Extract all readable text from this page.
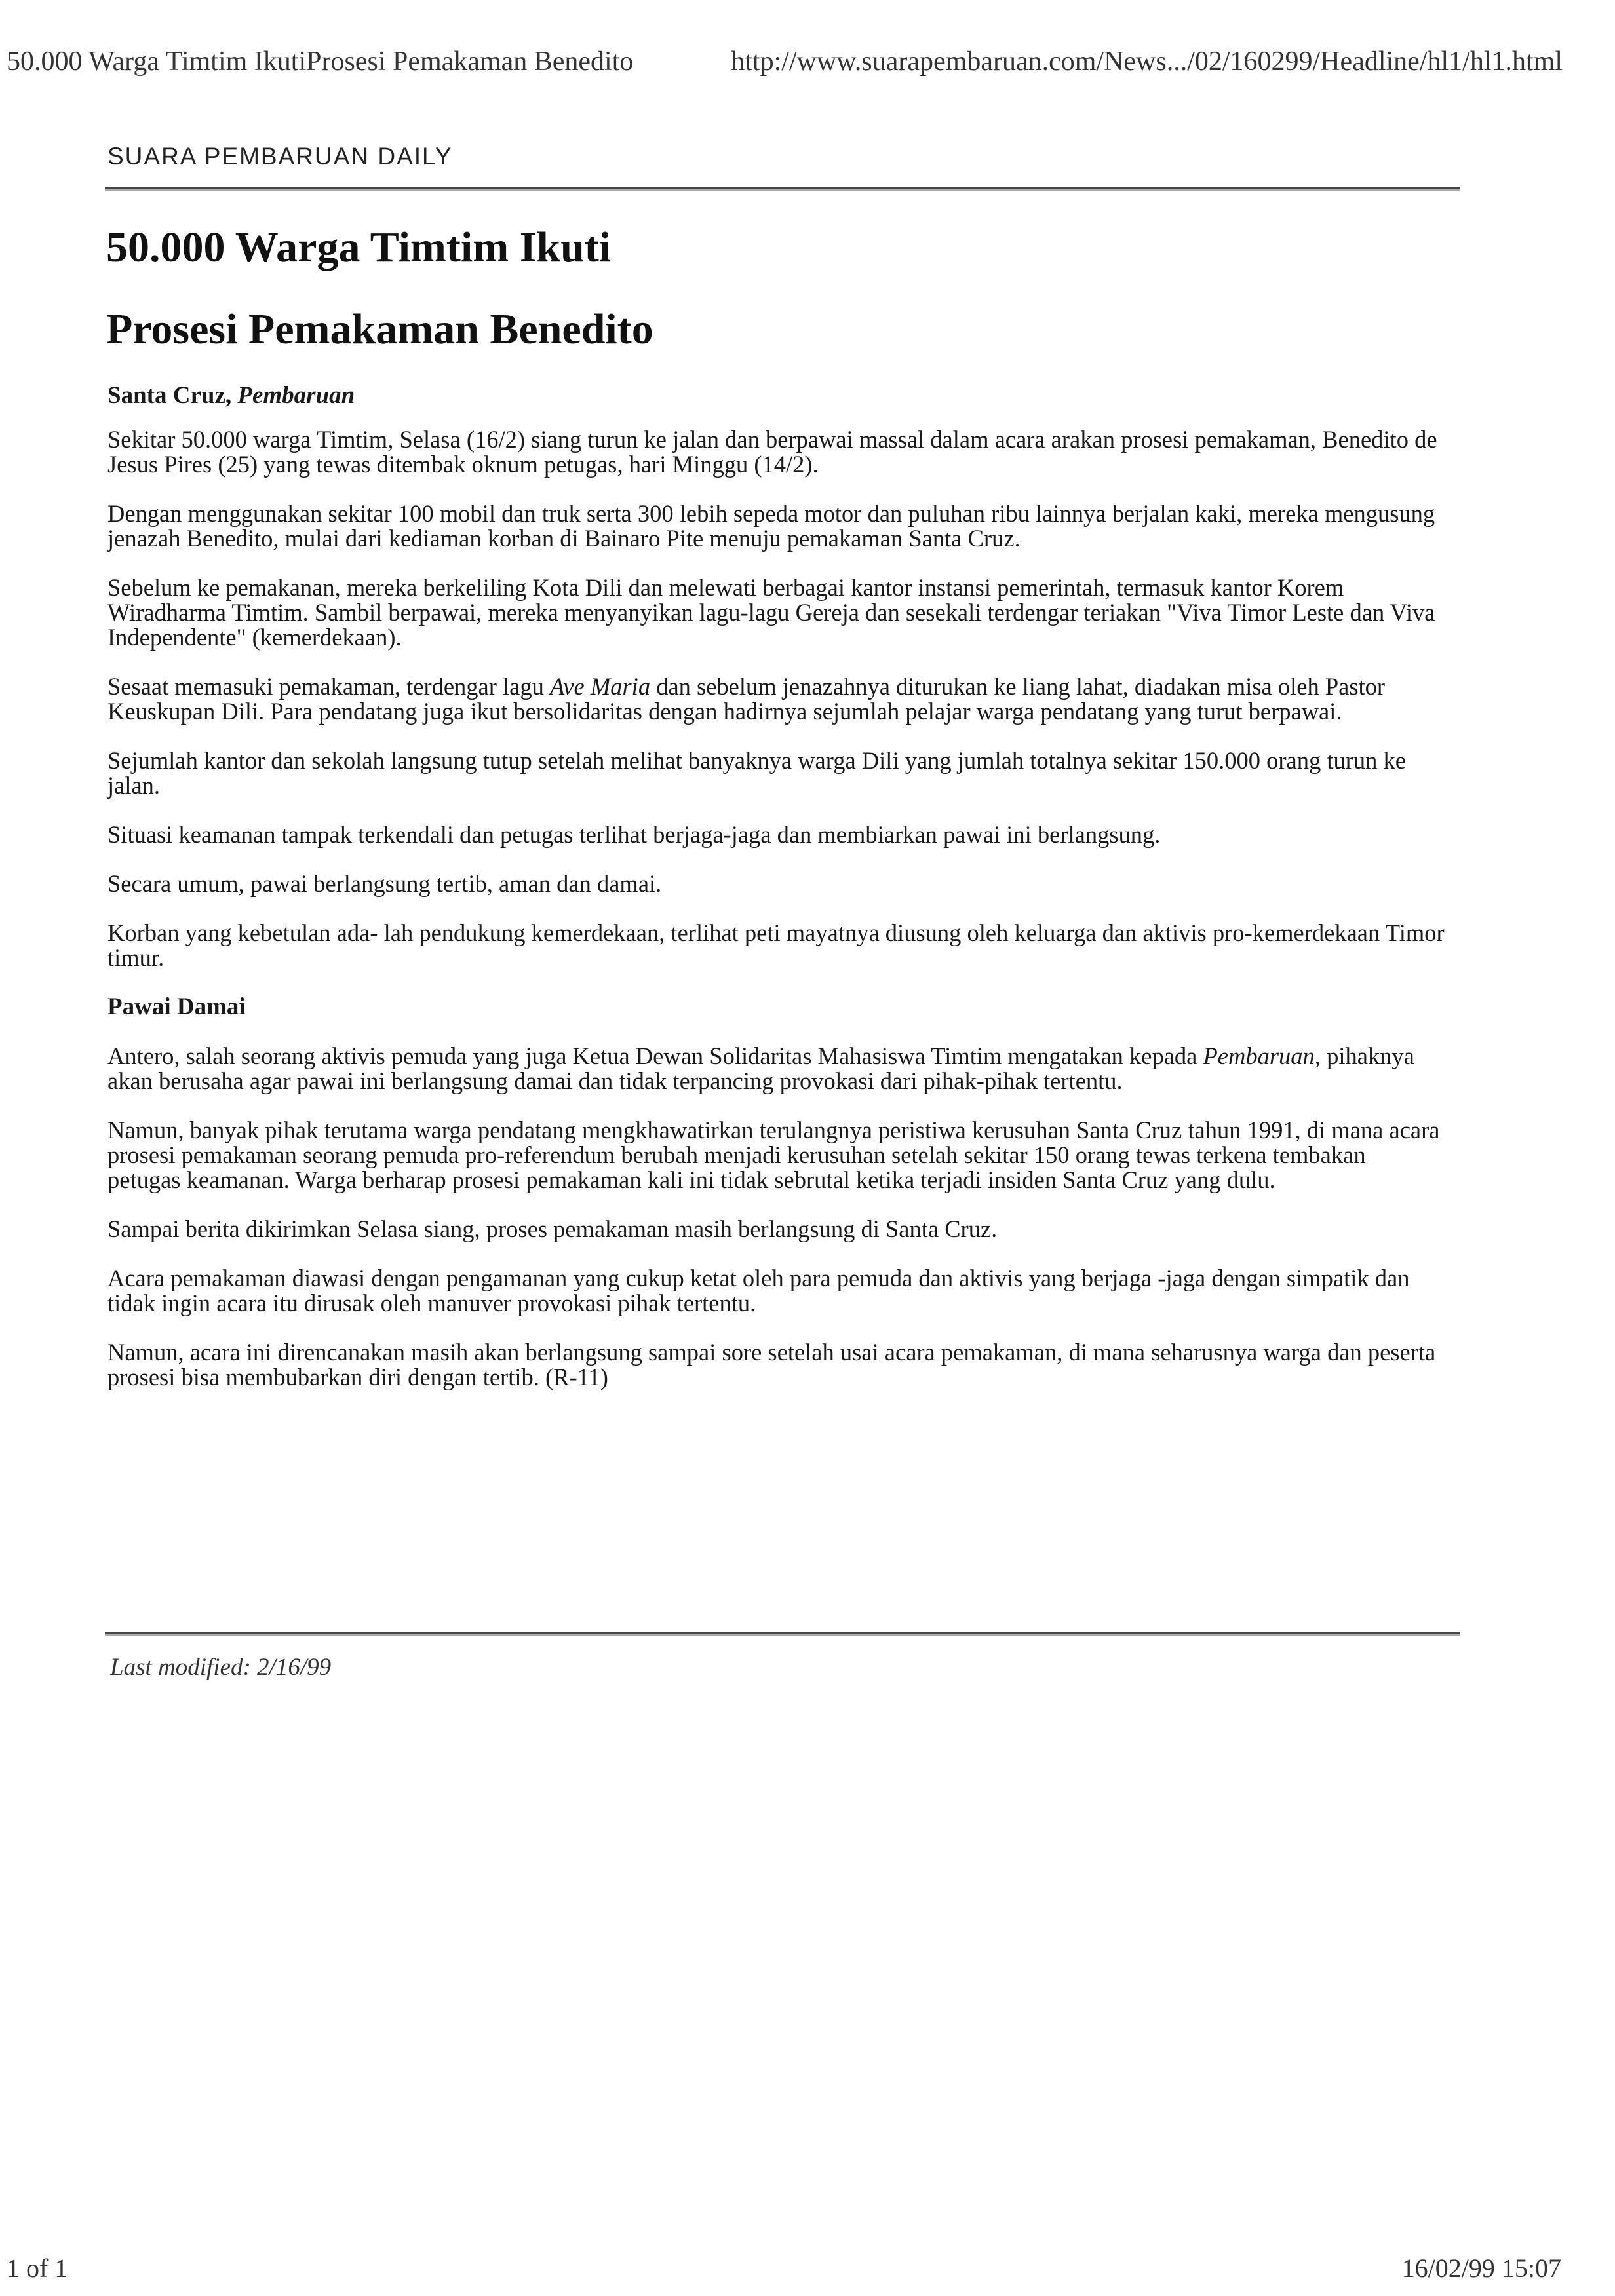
50.000 Warga Timtim IkutiProsesi Pemakaman Benedito	http://www.suarapembaruan.com/News.../02/160299/Headline/hl1/hl1.html
SUARA PEMBARUAN DAILY
50.000 Warga Timtim Ikuti
Prosesi Pemakaman Benedito
Santa Cruz, Pembaruan

Sekitar 50.000 warga Timtim, Selasa (16/2) siang turun ke jalan dan berpawai massal dalam acara arakan prosesi pemakaman, Benedito de Jesus Pires (25) yang tewas ditembak oknum petugas, hari Minggu (14/2).

Dengan menggunakan sekitar 100 mobil dan truk serta 300 lebih sepeda motor dan puluhan ribu lainnya berjalan kaki, mereka mengusung jenazah Benedito, mulai dari kediaman korban di Bainaro Pite menuju pemakaman Santa Cruz.

Sebelum ke pemakanan, mereka berkeliling Kota Dili dan melewati berbagai kantor instansi pemerintah, termasuk kantor Korem Wiradharma Timtim. Sambil berpawai, mereka menyanyikan lagu-lagu Gereja dan sesekali terdengar teriakan "Viva Timor Leste dan Viva Independente" (kemerdekaan).

Sesaat memasuki pemakaman, terdengar lagu Ave Maria dan sebelum jenazahnya diturukan ke liang lahat, diadakan misa oleh Pastor Keuskupan Dili. Para pendatang juga ikut bersolidaritas dengan hadirnya sejumlah pelajar warga pendatang yang turut berpawai.

Sejumlah kantor dan sekolah langsung tutup setelah melihat banyaknya warga Dili yang jumlah totalnya sekitar 150.000 orang turun ke jalan.

Situasi keamanan tampak terkendali dan petugas terlihat berjaga-jaga dan membiarkan pawai ini berlangsung.

Secara umum, pawai berlangsung tertib, aman dan damai.

Korban yang kebetulan ada- lah pendukung kemerdekaan, terlihat peti mayatnya diusung oleh keluarga dan aktivis pro-kemerdekaan Timor timur.

Pawai Damai

Antero, salah seorang aktivis pemuda yang juga Ketua Dewan Solidaritas Mahasiswa Timtim mengatakan kepada Pembaruan, pihaknya akan berusaha agar pawai ini berlangsung damai dan tidak terpancing provokasi dari pihak-pihak tertentu.

Namun, banyak pihak terutama warga pendatang mengkhawatirkan terulangnya peristiwa kerusuhan Santa Cruz tahun 1991, di mana acara prosesi pemakaman seorang pemuda pro-referendum berubah menjadi kerusuhan setelah sekitar 150 orang tewas terkena tembakan petugas keamanan. Warga berharap prosesi pemakaman kali ini tidak sebrutal ketika terjadi insiden Santa Cruz yang dulu.

Sampai berita dikirimkan Selasa siang, proses pemakaman masih berlangsung di Santa Cruz.

Acara pemakaman diawasi dengan pengamanan yang cukup ketat oleh para pemuda dan aktivis yang berjaga -jaga dengan simpatik dan tidak ingin acara itu dirusak oleh manuver provokasi pihak tertentu.

Namun, acara ini direncanakan masih akan berlangsung sampai sore setelah usai acara pemakaman, di mana seharusnya warga dan peserta prosesi bisa membubarkan diri dengan tertib. (R-11)

Last modified: 2/16/99
1 of 1	16/02/99 15:07
